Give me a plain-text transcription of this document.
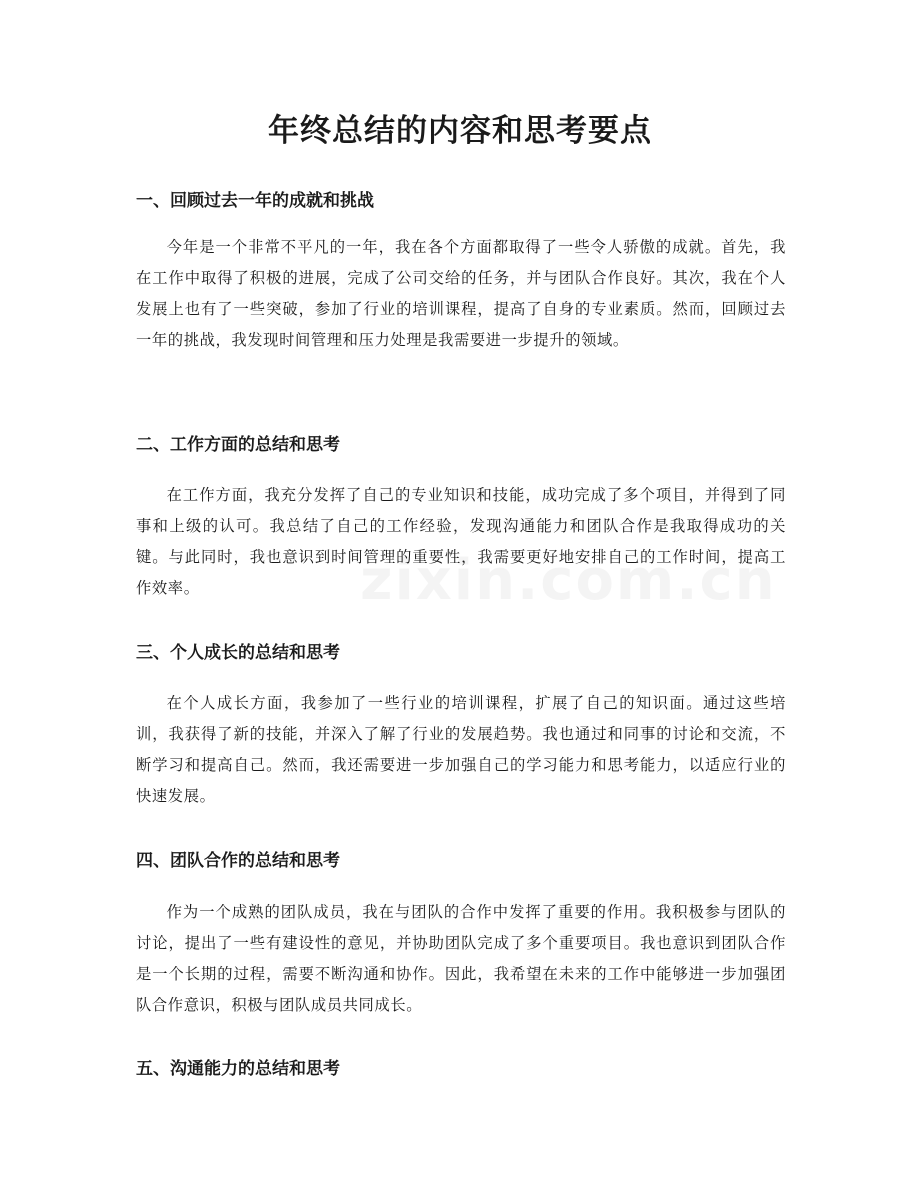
年终总结的内容和思考要点
一、回顾过去一年的成就和挑战

今年是一个非常不平凡的一年，我在各个方面都取得了一些令人骄傲的成就。首先，我在工作中取得了积极的进展，完成了公司交给的任务，并与团队合作良好。其次，我在个人发展上也有了一些突破，参加了行业的培训课程，提高了自身的专业素质。然而，回顾过去一年的挑战，我发现时间管理和压力处理是我需要进一步提升的领域。

二、工作方面的总结和思考

在工作方面，我充分发挥了自己的专业知识和技能，成功完成了多个项目，并得到了同事和上级的认可。我总结了自己的工作经验，发现沟通能力和团队合作是我取得成功的关键。与此同时，我也意识到时间管理的重要性，我需要更好地安排自己的工作时间，提高工作效率。

三、个人成长的总结和思考

在个人成长方面，我参加了一些行业的培训课程，扩展了自己的知识面。通过这些培训，我获得了新的技能，并深入了解了行业的发展趋势。我也通过和同事的讨论和交流，不断学习和提高自己。然而，我还需要进一步加强自己的学习能力和思考能力，以适应行业的快速发展。

四、团队合作的总结和思考

作为一个成熟的团队成员，我在与团队的合作中发挥了重要的作用。我积极参与团队的讨论，提出了一些有建设性的意见，并协助团队完成了多个重要项目。我也意识到团队合作是一个长期的过程，需要不断沟通和协作。因此，我希望在未来的工作中能够进一步加强团队合作意识，积极与团队成员共同成长。

五、沟通能力的总结和思考
